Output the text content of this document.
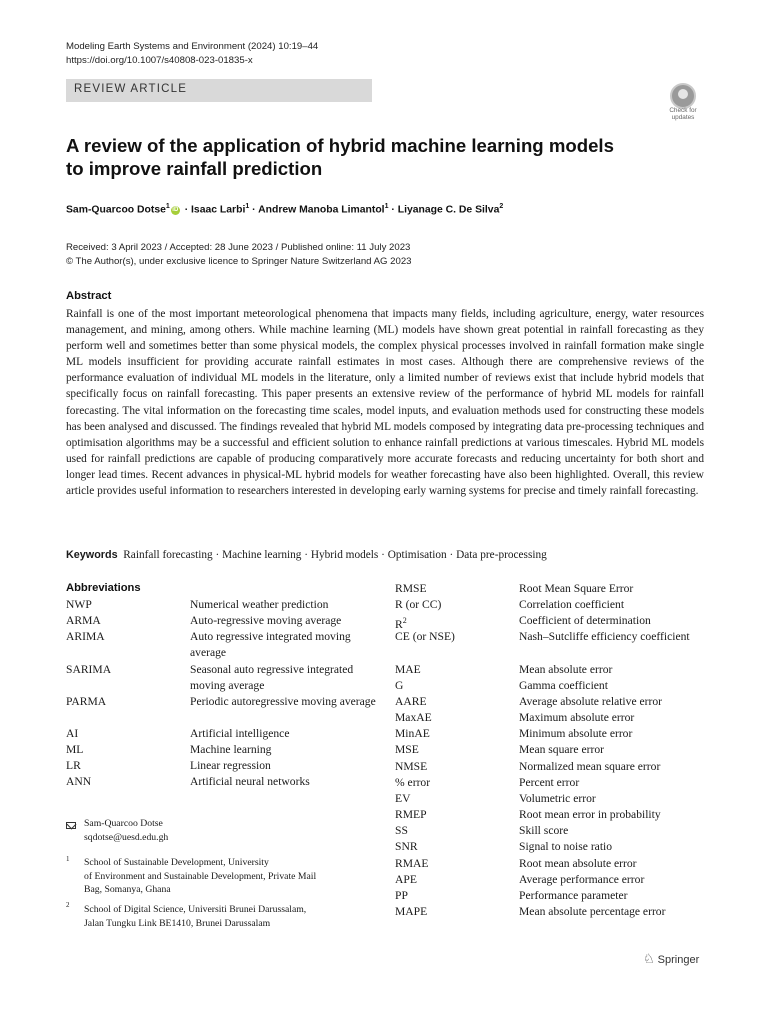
Modeling Earth Systems and Environment (2024) 10:19–44
https://doi.org/10.1007/s40808-023-01835-x
REVIEW ARTICLE
Check for
updates
A review of the application of hybrid machine learning models
to improve rainfall prediction
Sam-Quarcoo Dotse$^1$iD · Isaac Larbi$^1$ · Andrew Manoba Limantol$^1$ · Liyanage C. De Silva$^2$
Received: 3 April 2023 / Accepted: 28 June 2023 / Published online: 11 July 2023
© The Author(s), under exclusive licence to Springer Nature Switzerland AG 2023
Abstract
Rainfall is one of the most important meteorological phenomena that impacts many fields, including agriculture, energy, water resources management, and mining, among others. While machine learning (ML) models have shown great potential in rainfall forecasting as they perform well and sometimes better than some physical models, the complex physical processes involved in rainfall formation make single ML models insufficient for providing accurate rainfall estimates in most cases. Although there are comprehensive reviews of the performance evaluation of individual ML models in the literature, only a limited number of reviews exist that include hybrid models that specifically focus on rainfall forecasting. This paper presents an extensive review of the performance of hybrid ML models for rainfall forecasting. The vital information on the forecasting time scales, model inputs, and evaluation methods used for constructing these models has been analysed and discussed. The findings revealed that hybrid ML models composed by integrating data pre-processing techniques and optimisation algorithms may be a successful and efficient solution to enhance rainfall predictions at various timescales. Hybrid ML models used for rainfall predictions are capable of producing comparatively more accurate forecasts and reducing uncertainty for both short and longer lead times. Recent advances in physical-ML hybrid models for weather forecasting have also been highlighted. Overall, this review article provides useful information to researchers interested in developing early warning systems for precise and timely rainfall forecasting.
Keywords Rainfall forecasting · Machine learning · Hybrid models · Optimisation · Data pre-processing
Abbreviations
NWP	Numerical weather prediction
ARMA	Auto-regressive moving average
ARIMA	Auto regressive integrated moving average
SARIMA	Seasonal auto regressive integrated moving average
PARMA	Periodic autoregressive moving average
AI	Artificial intelligence
ML	Machine learning
LR	Linear regression
ANN	Artificial neural networks
RMSE	Root Mean Square Error
R (or CC)	Correlation coefficient
$R^2$	Coefficient of determination
CE (or NSE)	Nash–Sutcliffe efficiency coefficient
MAE	Mean absolute error
G	Gamma coefficient
AARE	Average absolute relative error
MaxAE	Maximum absolute error
MinAE	Minimum absolute error
MSE	Mean square error
NMSE	Normalized mean square error
% error	Percent error
EV	Volumetric error
RMEP	Root mean error in probability
SS	Skill score
SNR	Signal to noise ratio
RMAE	Root mean absolute error
APE	Average performance error
PP	Performance parameter
MAPE	Mean absolute percentage error
Sam-Quarcoo Dotse
sqdotse@uesd.edu.gh
1 School of Sustainable Development, University
of Environment and Sustainable Development, Private Mail
Bag, Somanya, Ghana
2 School of Digital Science, Universiti Brunei Darussalam,
Jalan Tungku Link BE1410, Brunei Darussalam
♘ Springer
